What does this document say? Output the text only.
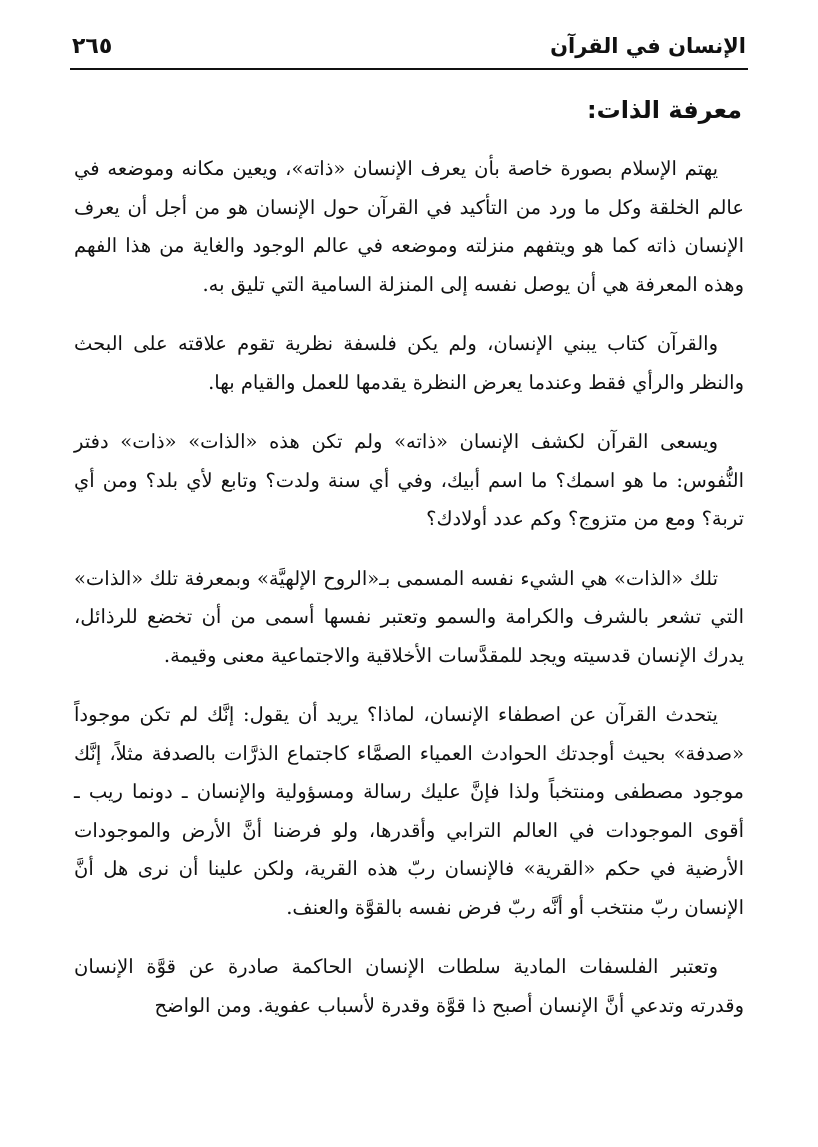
الإنسان في القرآن
٢٦٥
معرفة الذات:

يهتم الإسلام بصورة خاصة بأن يعرف الإنسان «ذاته»، ويعين مكانه وموضعه في عالم الخلقة وكل ما ورد من التأكيد في القرآن حول الإنسان هو من أجل أن يعرف الإنسان ذاته كما هو ويتفهم منزلته وموضعه في عالم الوجود والغاية من هذا الفهم وهذه المعرفة هي أن يوصل نفسه إلى المنزلة السامية التي تليق به.

والقرآن كتاب يبني الإنسان، ولم يكن فلسفة نظرية تقوم علاقته على البحث والنظر والرأي فقط وعندما يعرض النظرة يقدمها للعمل والقيام بها.

ويسعى القرآن لكشف الإنسان «ذاته» ولم تكن هذه «الذات» «ذات» دفتر النُّفوس: ما هو اسمك؟ ما اسم أبيك، وفي أي سنة ولدت؟ وتابع لأي بلد؟ ومن أي تربة؟ ومع من متزوج؟ وكم عدد أولادك؟

تلك «الذات» هي الشيء نفسه المسمى بـ«الروح الإلهيَّة» وبمعرفة تلك «الذات» التي تشعر بالشرف والكرامة والسمو وتعتبر نفسها أسمى من أن تخضع للرذائل، يدرك الإنسان قدسيته ويجد للمقدَّسات الأخلاقية والاجتماعية معنى وقيمة.

يتحدث القرآن عن اصطفاء الإنسان، لماذا؟ يريد أن يقول: إنَّك لم تكن موجوداً «صدفة» بحيث أوجدتك الحوادث العمياء الصمَّاء كاجتماع الذرَّات بالصدفة مثلاً، إنَّك موجود مصطفى ومنتخباً ولذا فإنَّ عليك رسالة ومسؤولية والإنسان ـ دونما ريب ـ أقوى الموجودات في العالم الترابي وأقدرها، ولو فرضنا أنَّ الأرض والموجودات الأرضية في حكم «القرية» فالإنسان ربّ هذه القرية، ولكن علينا أن نرى هل أنَّ الإنسان ربّ منتخب أو أنَّه ربّ فرض نفسه بالقوَّة والعنف.

وتعتبر الفلسفات المادية سلطات الإنسان الحاكمة صادرة عن قوَّة الإنسان وقدرته وتدعي أنَّ الإنسان أصبح ذا قوَّة وقدرة لأسباب عفوية. ومن الواضح
